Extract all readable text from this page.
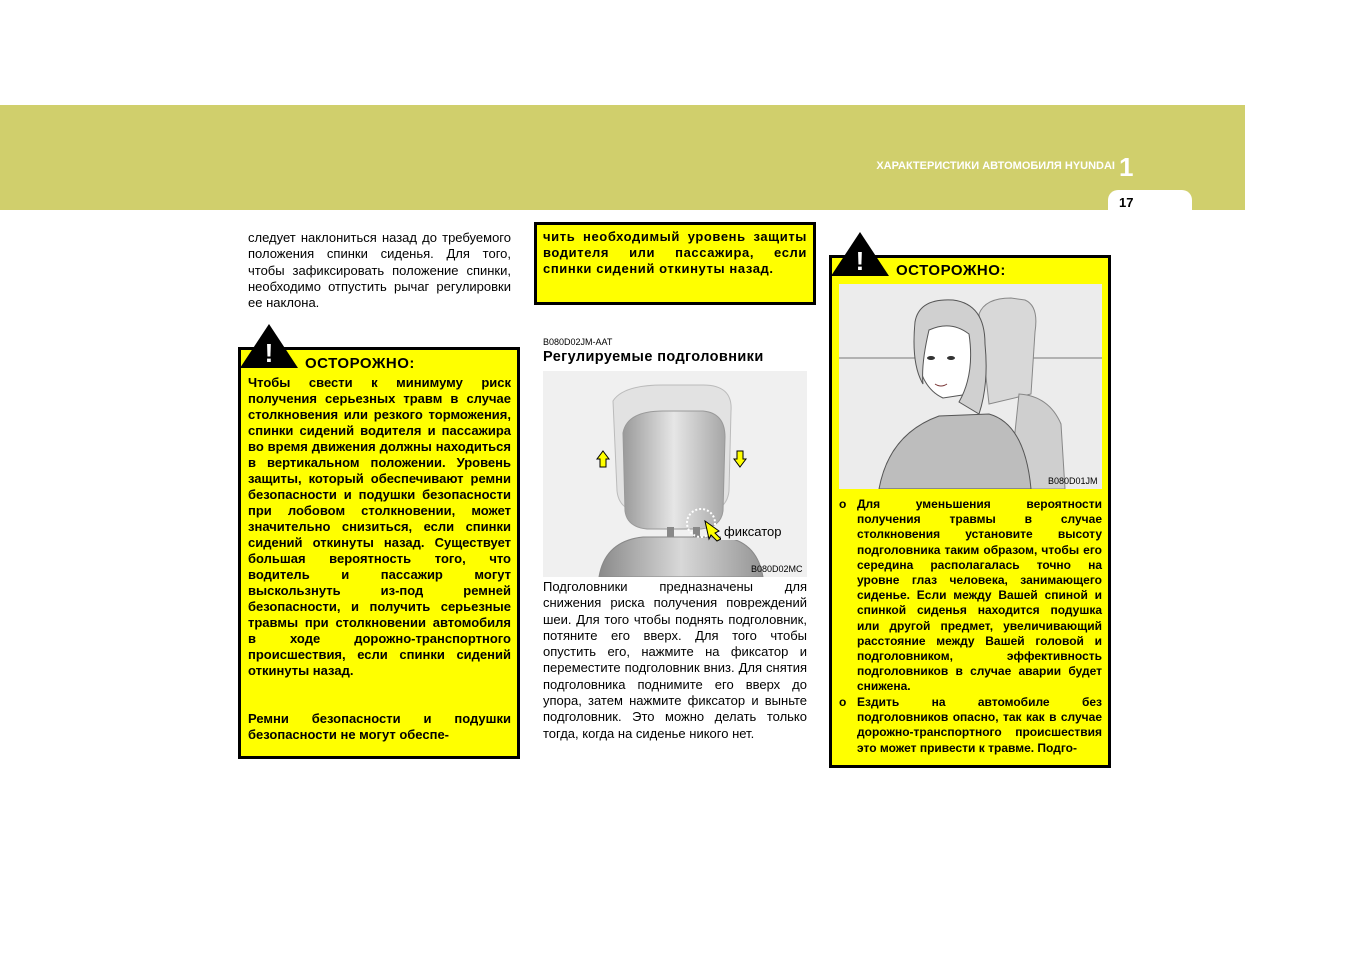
ХАРАКТЕРИСТИКИ АВТОМОБИЛЯ HYUNDAI 1
17
следует наклониться назад до требуемого положения спинки сиденья. Для того, чтобы зафиксировать положение спинки, необходимо отпустить рычаг регулировки ее наклона.
! ОСТОРОЖНО:
Чтобы свести к минимуму риск получения серьезных травм в случае столкновения или резкого торможения, спинки сидений водителя и пассажира во время движения должны находиться в вертикальном положении. Уровень защиты, который обеспечивают ремни безопасности и подушки безопасности при лобовом столкновении, может значительно снизиться, если спинки сидений откинуты назад. Существует большая вероятность того, что водитель и пассажир могут выскользнуть из-под ремней безопасности, и получить серьезные травмы при столкновении автомобиля в ходе дорожно-транспортного происшествия, если спинки сидений откинуты назад.
Ремни безопасности и подушки безопасности не могут обеспе-
чить необходимый уровень защиты водителя или пассажира, если спинки сидений откинуты назад.
B080D02JM-AAT
Регулируемые подголовники
фиксатор
B080D02MC
Подголовники предназначены для снижения риска получения повреждений шеи. Для того чтобы поднять подголовник, потяните его вверх. Для того чтобы опустить его, нажмите на фиксатор и переместите подголовник вниз. Для снятия подголовника поднимите его вверх до упора, затем нажмите фиксатор и выньте подголовник. Это можно делать только тогда, когда на сиденье никого нет.
! ОСТОРОЖНО:
B080D01JM
o Для уменьшения вероятности получения травмы в случае столкновения установите высоту подголовника таким образом, чтобы его середина располагалась точно на уровне глаз человека, занимающего сиденье. Если между Вашей спиной и спинкой сиденья находится подушка или другой предмет, увеличивающий расстояние между Вашей головой и подголовником, эффективность подголовников в случае аварии будет снижена.
o Ездить на автомобиле без подголовников опасно, так как в случае дорожно-транспортного происшествия это может привести к травме. Подго-
